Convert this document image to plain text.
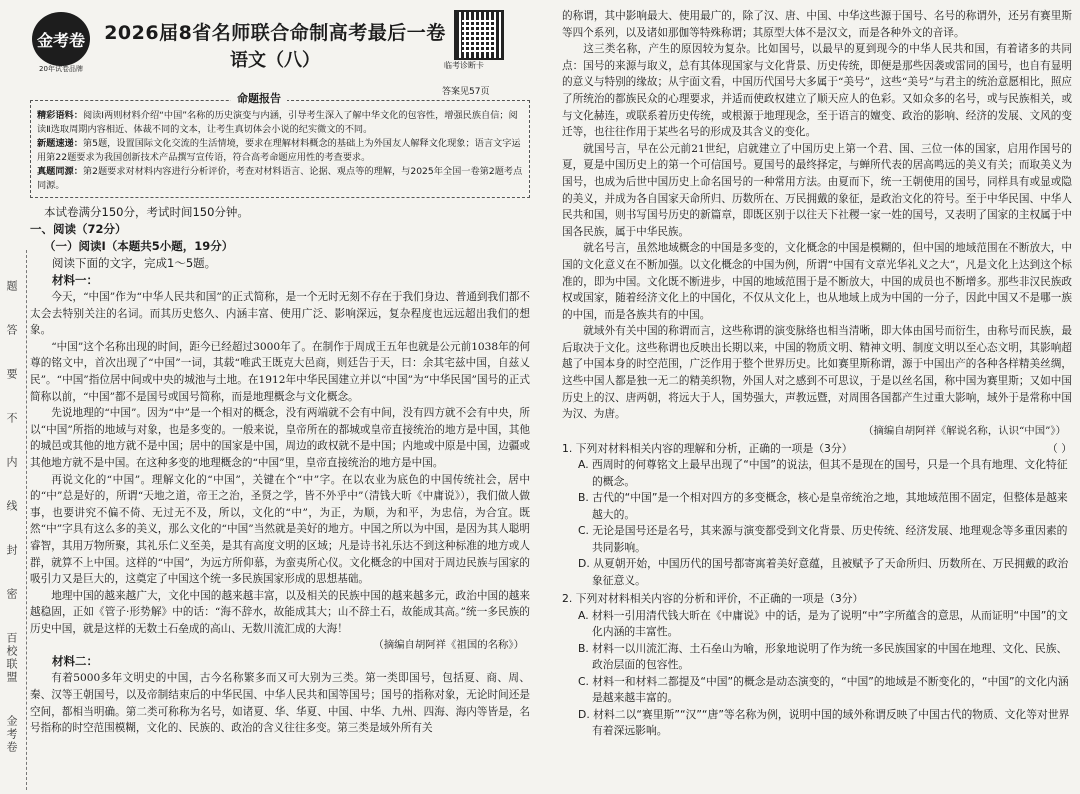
题
答
要
不
内
线
封
密
百校联盟
金考卷
金考卷
20年试卷品牌
2026届8省名师联合命制高考最后一卷
语文（八）	临考诊断卡
答案见57页
命题报告

精彩语料：阅读Ⅰ两则材料介绍“中国”名称的历史演变与内涵，引导考生深入了解中华文化的包容性，增强民族自信；阅读Ⅱ选取周期内容相近、体裁不同的文本，让考生真切体会小说的纪实微文的不同。

新题速递：第5题，设置国际文化交流的生活情境，要求在理解材料概念的基础上为外国友人解释文化现象；语言文字运用第22题要求为我国创新技术产品撰写宣传语，符合高考命题应用性的考查要求。

真题同源：第2题要求对材料内容进行分析评价，考查对材料语言、论据、观点等的理解，与2025年全国一卷第2题考点同源。

本试卷满分150分，考试时间150分钟。

一、阅读（72分）

（一）阅读Ⅰ（本题共5小题，19分）

阅读下面的文字，完成1～5题。

材料一：

今天，“中国”作为“中华人民共和国”的正式简称，是一个无时无刻不存在于我们身边、普通到我们都不太会去特别关注的名词。而其历史悠久、内涵丰富、使用广泛、影响深远，复杂程度也远远超出我们的想象。

“中国”这个名称出现的时间，距今已经超过3000年了。在制作于周成王五年也就是公元前1038年的何尊的铭文中，首次出现了“中国”一词，其载“唯武王既克大邑商，则廷告于天，曰：余其宅兹中国，自兹乂民”。“中国”指位居中间或中央的城池与土地。在1912年中华民国建立并以“中国”为“中华民国”国号的正式简称以前，“中国”都不是国号或国号简称，而是地理概念与文化概念。

先说地理的“中国”。因为“中”是一个相对的概念，没有两端就不会有中间，没有四方就不会有中央，所以“中国”所指的地域与对象，也是多变的。一般来说，皇帝所在的都城或皇帝直接统治的地方是中国，其他的城邑或其他的地方就不是中国；居中的国家是中国，周边的政权就不是中国；内地或中原是中国，边疆或其他地方就不是中国。在这种多变的地理概念的“中国”里，皇帝直接统治的地方是中国。

再说文化的“中国”。理解文化的“中国”，关键在个“中”字。在以农业为底色的中国传统社会，居中的“中”总是好的，所谓“天地之道，帝王之治，圣贤之学，皆不外乎中”（清钱大昕《中庸说》），我们做人做事，也要讲究不偏不倚、无过无不及，所以，文化的“中”，为正，为顺，为和平，为忠信，为合宜。既然“中”字具有这么多的美义，那么文化的“中国”当然就是美好的地方。中国之所以为中国，是因为其人聪明睿智，其用万物所聚，其礼乐仁义至美，是其有高度文明的区域；凡是诗书礼乐达不到这种标准的地方或人群，就算不上中国。这样的“中国”，为远方所仰慕，为蛮夷所心仪。文化概念的中国对于周边民族与国家的吸引力又是巨大的，这奠定了中国这个统一多民族国家形成的思想基础。

地理中国的越来越广大，文化中国的越来越丰富，以及相关的民族中国的越来越多元，政治中国的越来越稳固，正如《管子·形势解》中的话：“海不辞水，故能成其大；山不辞土石，故能成其高。”统一多民族的历史中国，就是这样的无数土石垒成的高山、无数川流汇成的大海！

（摘编自胡阿祥《祖国的名称》）

材料二：

有着5000多年文明史的中国，古今名称繁多而又可大别为三类。第一类即国号，包括夏、商、周、秦、汉等王朝国号，以及帝制结束后的中华民国、中华人民共和国等国号；国号的指称对象，无论时间还是空间，都相当明确。第二类可称称为名号，如诸夏、华、华夏、中国、中华、九州、四海、海内等皆是，名号指称的时空范围模糊，文化的、民族的、政治的含义往往多变。第三类是域外所有关

的称谓，其中影响最大、使用最广的，除了汉、唐、中国、中华这些源于国号、名号的称谓外，还另有赛里斯等四个系列，以及诸如那伽等特殊称谓；其原型大体不是汉文，而是各种外文的音译。

这三类名称，产生的原因较为复杂。比如国号，以最早的夏到现今的中华人民共和国，有着诸多的共同点：国号的来源与取义，总有其体现国家与文化背景、历史传统，即便是那些因袭或雷同的国号，也自有显明的意义与特别的缘故；从宇面文看，中国历代国号大多属于“美号”，这些“美号”与君主的统治意愿相比，照应了所统治的都族民众的心理要求，并适而使政权建立了顺天应人的色彩。又如众多的名号，或与民族相关，或与文化赫连，或联系着历史传统，或根源于地理现念，至于语言的嬗变、政治的影响、经济的发展、文风的变迁等，也往往作用于某些名号的形成及其含义的变化。

就国号言，早在公元前21世纪，启就建立了中国历史上第一个君、国、三位一体的国家，启用作国号的夏，夏是中国历史上的第一个可信国号。夏国号的最终择定，与蝉所代表的居高鸣远的美义有关；而取美义为国号，也成为后世中国历史上命名国号的一种常用方法。由夏而下，统一王朝使用的国号，同样具有或显或隐的美义，并成为各自国家天命所归、历数所在、万民拥戴的象征，是政治文化的符号。至于中华民国、中华人民共和国，则书写国号历史的新篇章，即既区别于以往天下社稷一家一姓的国号，又表明了国家的主权属于中国各民族，属于中华民族。

就名号言，虽然地域概念的中国是多变的，文化概念的中国是模糊的，但中国的地域范围在不断放大，中国的文化意义在不断加强。以文化概念的中国为例，所谓“中国有文章光华礼义之大”，凡是文化上达到这个标准的，即为中国。文化既不断进步，中国的地域范围于是不断放大，中国的成员也不断增多。那些非汉民族政权或国家，随着经济文化上的中国化，不仅从文化上，也从地域上成为中国的一分子，因此中国又不是哪一族的中国，而是各族共有的中国。

就域外有关中国的称谓而言，这些称谓的演变脉络也相当清晰，即大体由国号而衍生，由称号而民族，最后取决于文化。这些称谓也反映出长期以来，中国的物质文明、精神文明、制度文明以至心态文明，其影响超越了中国本身的时空范围，广泛作用于整个世界历史。比如赛里斯称谓，源于中国出产的各种各样精美丝绸，这些中国人都是独一无二的精美织物，外国人对之感到不可思议，于是以丝名国，称中国为赛里斯；又如中国历史上的汉、唐两朝，将远大于人，国势强大，声教远暨，对周围各国都产生过重大影响，域外于是常称中国为汉、为唐。

（摘编自胡阿祥《解说名称，认识“中国”》）

1. 下列对材料相关内容的理解和分析，正确的一项是（3分）	（ ）

A. 西周时的何尊铭文上最早出现了“中国”的说法，但其不是现在的国号，只是一个具有地理、文化特征的概念。

B. 古代的“中国”是一个相对四方的多变概念，核心是皇帝统治之地，其地域范围不固定，但整体是越来越大的。

C. 无论是国号还是名号，其来源与演变都受到文化背景、历史传统、经济发展、地理观念等多重因素的共同影响。

D. 从夏朝开始，中国历代的国号都寄寓着美好意蕴，且被赋予了天命所归、历数所在、万民拥戴的政治象征意义。

2. 下列对材料相关内容的分析和评价，不正确的一项是（3分）

A. 材料一引用清代钱大昕在《中庸说》中的话，是为了说明“中”字所蕴含的意思，从而证明“中国”的文化内涵的丰富性。

B. 材料一以川流汇海、土石垒山为喻，形象地说明了作为统一多民族国家的中国在地理、文化、民族、政治层面的包容性。

C. 材料一和材料二都提及“中国”的概念是动态演变的，“中国”的地域是不断变化的，“中国”的文化内涵是越来越丰富的。

D. 材料二以“赛里斯”“汉”“唐”等名称为例，说明中国的域外称谓反映了中国古代的物质、文化等对世界有着深远影响。
